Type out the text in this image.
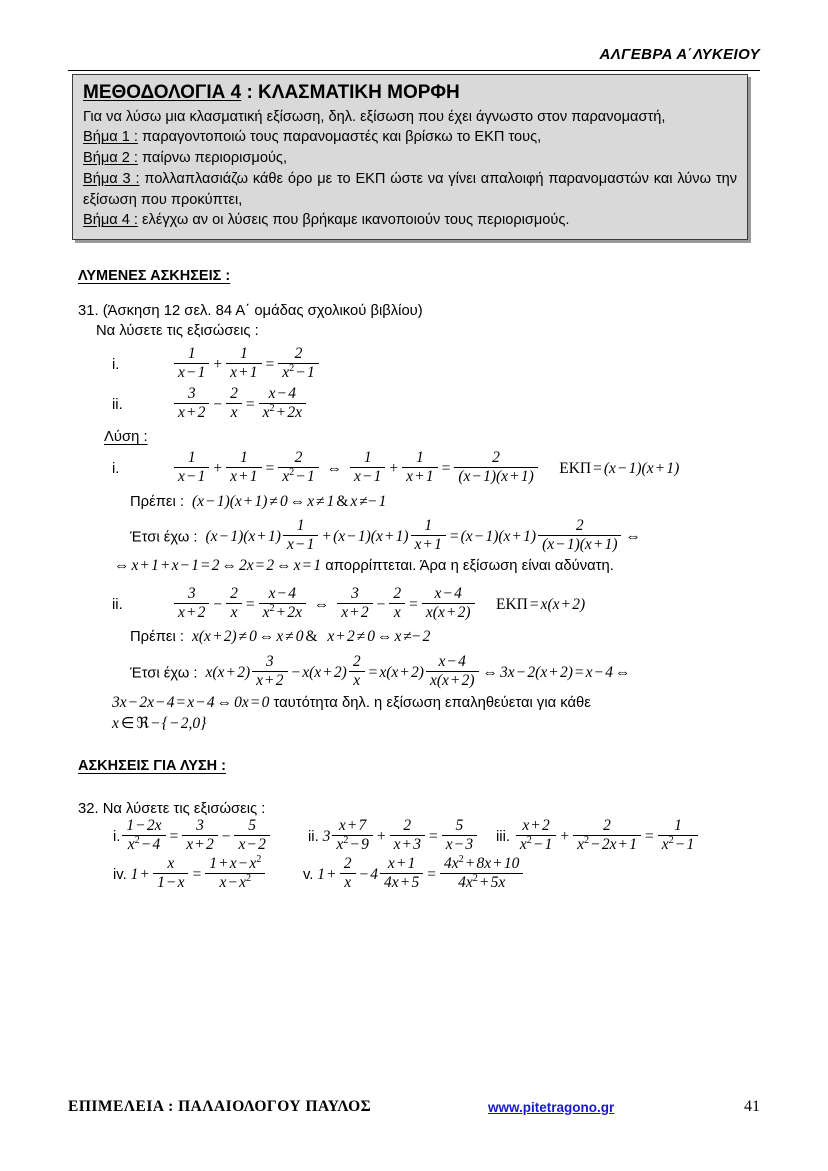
ΑΛΓΕΒΡΑ Α΄ΛΥΚΕΙΟΥ
ΜΕΘΟΔΟΛΟΓΙΑ 4 : ΚΛΑΣΜΑΤΙΚΗ ΜΟΡΦΗ

Για να λύσω μια κλασματική εξίσωση, δηλ. εξίσωση που έχει άγνωστο στον παρανομαστή,

Βήμα 1 : παραγοντοποιώ τους παρανομαστές και βρίσκω το ΕΚΠ τους,

Βήμα 2 : παίρνω περιορισμούς,

Βήμα 3 : πολλαπλασιάζω κάθε όρο με το ΕΚΠ ώστε να γίνει απαλοιφή παρανομαστών και λύνω την εξίσωση που προκύπτει,

Βήμα 4 : ελέγχω αν οι λύσεις που βρήκαμε ικανοποιούν τους περιορισμούς.

ΛΥΜΕΝΕΣ ΑΣΚΗΣΕΙΣ :
31. (Άσκηση 12 σελ. 84 Α΄ ομάδας σχολικού βιβλίου)
Να λύσετε τις εξισώσεις :
i.	$\frac{1}{x - 1} + \frac{1}{x + 1} = \frac{2}{x^2 - 1}$
ii.	$\frac{3}{x + 2} - \frac{2}{x} = \frac{x - 4}{x^2 + 2x}$
Λύση :
i.	$\frac{1}{x - 1} + \frac{1}{x + 1} = \frac{2}{x^2 - 1}$ ⇔ $\frac{1}{x - 1} + \frac{1}{x + 1} = \frac{2}{(x - 1)(x + 1)}$ ΕΚΠ = (x − 1)(x + 1)
Πρέπει :  (x − 1)(x + 1) ≠ 0 ⇔ x ≠ 1 & x ≠− 1
Έτσι έχω :  $(x - 1)(x + 1) \frac{1}{x - 1} + (x - 1)(x + 1) \frac{1}{x + 1} = (x - 1)(x + 1) \frac{2}{(x - 1)(x + 1)}$ ⇔
⇔ x + 1 + x − 1 = 2 ⇔ 2x = 2 ⇔ x = 1 απορρίπτεται. Άρα η εξίσωση είναι αδύνατη.
ii.	$\frac{3}{x + 2} - \frac{2}{x} = \frac{x - 4}{x^2 + 2x}$ ⇔ $\frac{3}{x + 2} - \frac{2}{x} = \frac{x - 4}{x(x + 2)}$ ΕΚΠ = x(x + 2)
Πρέπει :  x(x + 2) ≠ 0 ⇔ x ≠ 0 &  x + 2 ≠ 0 ⇔ x ≠− 2
Έτσι έχω :  $x(x + 2) \frac{3}{x + 2} - x(x + 2) \frac{2}{x} = x(x + 2) \frac{x - 4}{x(x + 2)}$ ⇔ 3x − 2(x + 2) = x − 4 ⇔
3x − 2x − 4 = x − 4 ⇔ 0x = 0 ταυτότητα δηλ. η εξίσωση επαληθεύεται για κάθε
x ∈ ℜ − { − 2,0}
ΑΣΚΗΣΕΙΣ ΓΙΑ ΛΥΣΗ :
32. Να λύσετε τις εξισώσεις :
i. $\frac{1 - 2x}{x^2 - 4} = \frac{3}{x + 2} - \frac{5}{x - 2}$	ii. $3 \frac{x + 7}{x^2 - 9} + \frac{2}{x + 3} = \frac{5}{x - 3}$ iii. $\frac{x + 2}{x^2 - 1} + \frac{2}{x^2 - 2x + 1} = \frac{1}{x^2 - 1}$
iv. $1 + \frac{x}{1 - x} = \frac{1 + x - x^2}{x - x^2}$	v. $1 + \frac{2}{x} - 4 \frac{x + 1}{4x + 5} = \frac{4x^2 + 8x + 10}{4x^2 + 5x}$
ΕΠΙΜΕΛΕΙΑ : ΠΑΛΑΙΟΛΟΓΟΥ ΠΑΥΛΟΣ	www.pitetragono.gr	41
